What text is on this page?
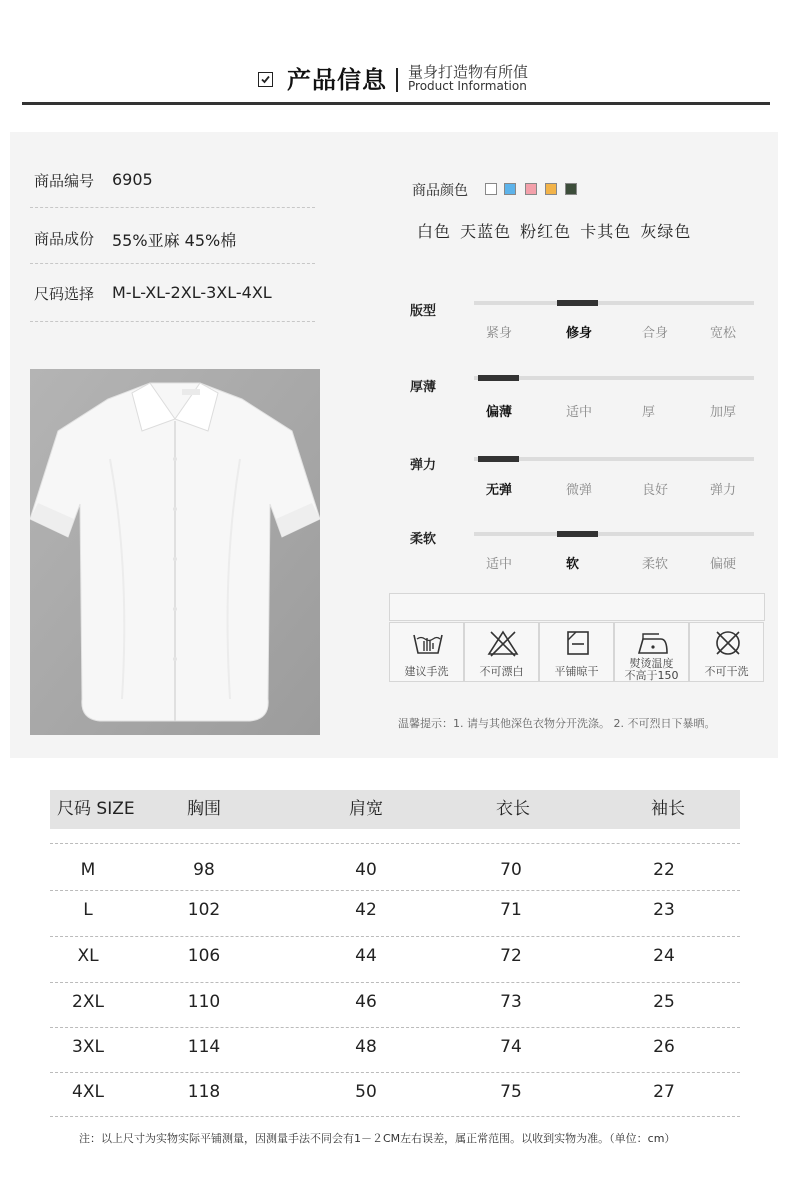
产品信息 量身打造物有所值
Product Information
商品编号 6905
商品成份 55%亚麻 45%棉
尺码选择 M-L-XL-2XL-3XL-4XL
商品颜色
白色 天蓝色 粉红色 卡其色 灰绿色
版型
紧身	修身	合身	宽松
厚薄
偏薄	适中	厚	加厚
弹力
无弹	微弹	良好	弹力
柔软
适中	软	柔软	偏硬
建议手洗	不可漂白	平铺晾干
熨烫温度
不高于150	不可干洗
温馨提示：1. 请与其他深色衣物分开洗涤。 2. 不可烈日下暴晒。
尺码 SIZE	胸围	肩宽	衣长	袖长
M	98	40	70	22
L	102	42	71	23
XL	106	44	72	24
2XL	110	46	73	25
3XL	114	48	74	26
4XL	118	50	75	27
注：以上尺寸为实物实际平铺测量，因测量手法不同会有1－２CM左右误差，属正常范围。以收到实物为准。（单位：cm）
